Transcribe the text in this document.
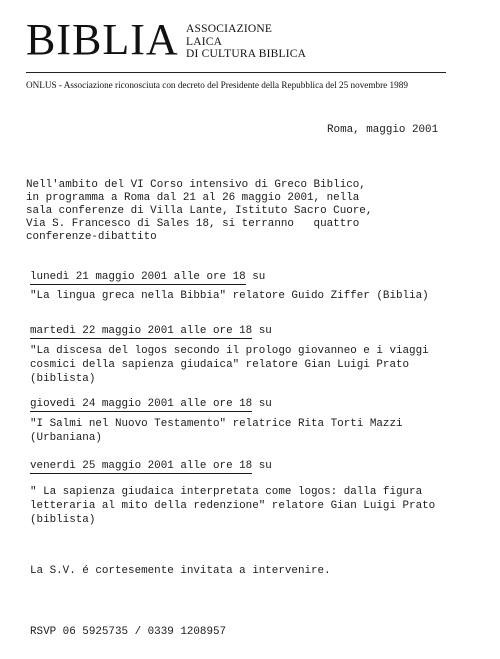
BIBLIA ASSOCIAZIONE
LAICA
DI CULTURA BIBLICA
ONLUS - Associazione riconosciuta con decreto del Presidente della Repubblica del 25 novembre 1989
Roma, maggio 2001
Nell'ambito del VI Corso intensivo di Greco Biblico,
in programma a Roma dal 21 al 26 maggio 2001, nella
sala conferenze di Villa Lante, Istituto Sacro Cuore,
Via S. Francesco di Sales 18, si terranno   quattro
conferenze-dibattito
lunedì 21 maggio 2001 alle ore 18 su
"La lingua greca nella Bibbia" relatore Guido Ziffer (Biblia)
martedì 22 maggio 2001 alle ore 18 su
"La discesa del logos secondo il prologo giovanneo e i viaggi
cosmici della sapienza giudaica" relatore Gian Luigi Prato
(biblista)
giovedì 24 maggio 2001 alle ore 18 su
"I Salmi nel Nuovo Testamento" relatrice Rita Torti Mazzi
(Urbaniana)
venerdì 25 maggio 2001 alle ore 18 su
" La sapienza giudaica interpretata come logos: dalla figura
letteraria al mito della redenzione" relatore Gian Luigi Prato
(biblista)
La S.V. é cortesemente invitata a intervenire.
RSVP 06 5925735 / 0339 1208957
